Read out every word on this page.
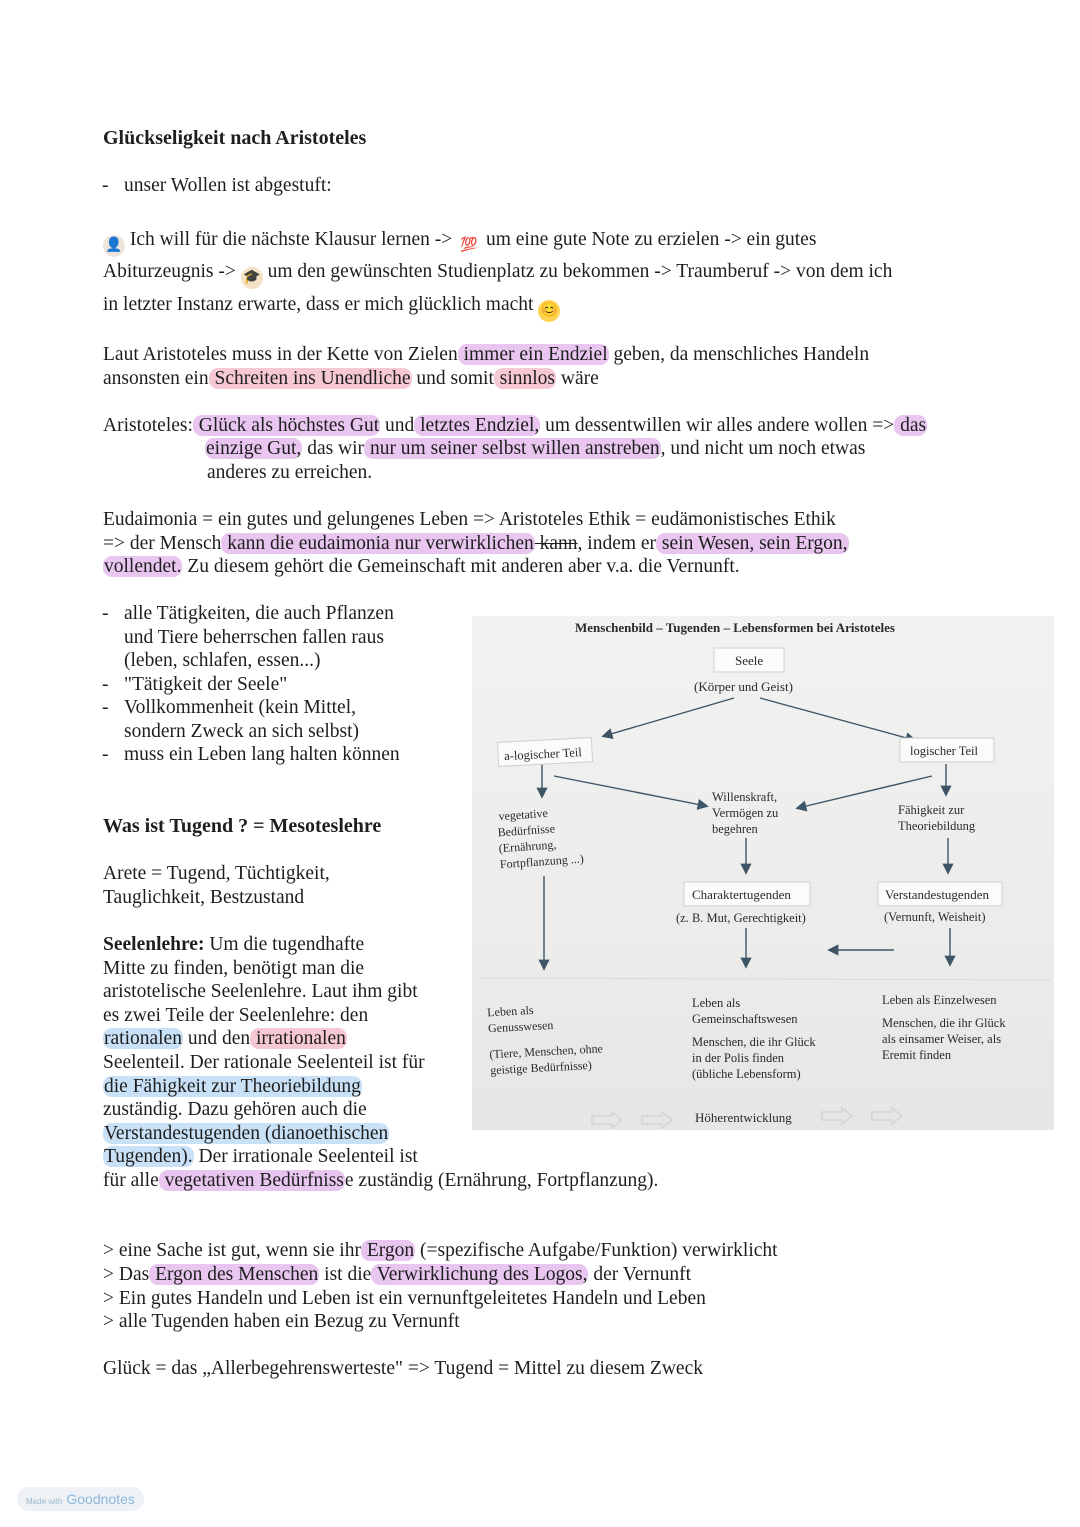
Glückseligkeit nach Aristoteles
- unser Wollen ist abgestuft:
👤 Ich will für die nächste Klausur lernen -> 💯 um eine gute Note zu erzielen -> ein gutes
Abiturzeugnis -> 🎓 um den gewünschten Studienplatz zu bekommen -> Traumberuf -> von dem ich
in letzter Instanz erwarte, dass er mich glücklich macht 😊
Laut Aristoteles muss in der Kette von Zielen immer ein Endziel geben, da menschliches Handeln
ansonsten ein Schreiten ins Unendliche und somit sinnlos wäre
Aristoteles: Glück als höchstes Gut und letztes Endziel, um dessentwillen wir alles andere wollen => das
einzige Gut, das wir nur um seiner selbst willen anstreben, und nicht um noch etwas
anderes zu erreichen.
Eudaimonia = ein gutes und gelungenes Leben => Aristoteles Ethik = eudämonistisches Ethik
=> der Mensch kann die eudaimonia nur verwirklichen kann, indem er sein Wesen, sein Ergon,
vollendet. Zu diesem gehört die Gemeinschaft mit anderen aber v.a. die Vernunft.
- alle Tätigkeiten, die auch Pflanzen
und Tiere beherrschen fallen raus
(leben, schlafen, essen...)
- "Tätigkeit der Seele"
- Vollkommenheit (kein Mittel,
sondern Zweck an sich selbst)
- muss ein Leben lang halten können
Was ist Tugend ? = Mesoteslehre
Arete = Tugend, Tüchtigkeit,
Tauglichkeit, Bestzustand
Seelenlehre: Um die tugendhafte
Mitte zu finden, benötigt man die
aristotelische Seelenlehre. Laut ihm gibt
es zwei Teile der Seelenlehre: den
rationalen und den irrationalen
Seelenteil. Der rationale Seelenteil ist für
die Fähigkeit zur Theoriebildung
zuständig. Dazu gehören auch die
Verstandestugenden (dianoethischen
Tugenden). Der irrationale Seelenteil ist
für alle vegetativen Bedürfnisse zuständig (Ernährung, Fortpflanzung).
Menschenbild – Tugenden – Lebensformen bei Aristoteles
Seele
(Körper und Geist)
a-logischer Teil	logischer Teil
vegetative
Bedürfnisse
(Ernährung,
Fortpflanzung ...)
Willenskraft,
Vermögen zu
begehren
Fähigkeit zur
Theoriebildung
Charaktertugenden
(z. B. Mut, Gerechtigkeit)
Verstandestugenden
(Vernunft, Weisheit)
Leben als
Genusswesen
(Tiere, Menschen, ohne
geistige Bedürfnisse)
Leben als
Gemeinschaftswesen
Menschen, die ihr Glück
in der Polis finden
(übliche Lebensform)
Leben als Einzelwesen
Menschen, die ihr Glück
als einsamer Weiser, als
Eremit finden
Höherentwicklung
> eine Sache ist gut, wenn sie ihr Ergon (=spezifische Aufgabe/Funktion) verwirklicht
> Das Ergon des Menschen ist die Verwirklichung des Logos, der Vernunft
> Ein gutes Handeln und Leben ist ein vernunftgeleitetes Handeln und Leben
> alle Tugenden haben ein Bezug zu Vernunft
Glück = das „Allerbegehrenswerteste" => Tugend = Mittel zu diesem Zweck
Made with Goodnotes
